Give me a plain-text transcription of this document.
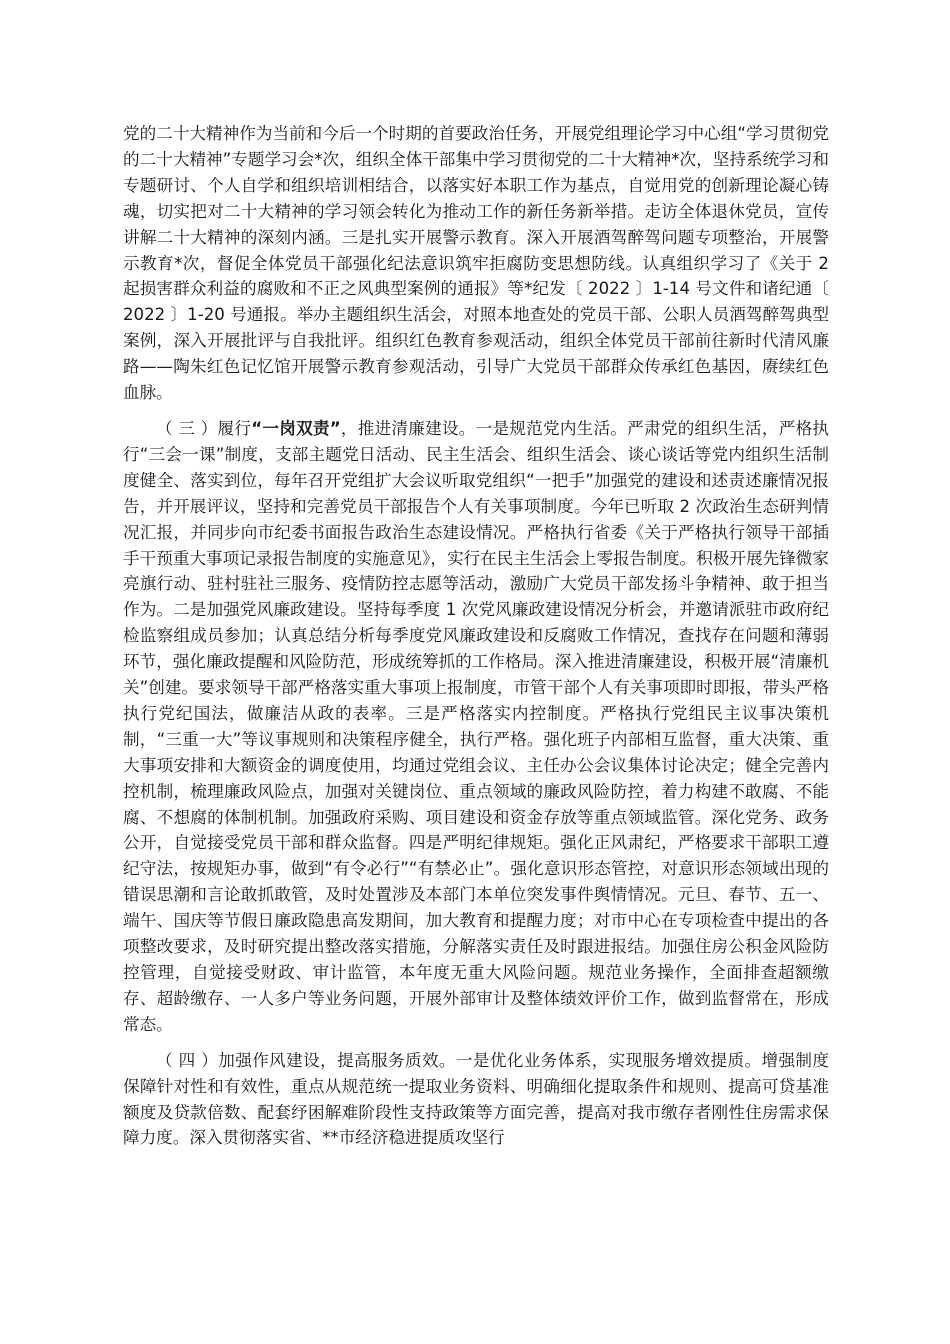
党的二十大精神作为当前和今后一个时期的首要政治任务，开展党组理论学习中心组“学习贯彻党的二十大精神”专题学习会*次，组织全体干部集中学习贯彻党的二十大精神*次，坚持系统学习和专题研讨、个人自学和组织培训相结合，以落实好本职工作为基点，自觉用党的创新理论凝心铸魂，切实把对二十大精神的学习领会转化为推动工作的新任务新举措。走访全体退休党员，宣传讲解二十大精神的深刻内涵。三是扎实开展警示教育。深入开展酒驾醉驾问题专项整治，开展警示教育*次，督促全体党员干部强化纪法意识筑牢拒腐防变思想防线。认真组织学习了《关于 2 起损害群众利益的腐败和不正之风典型案例的通报》等*纪发〔 2022 〕1-14 号文件和诸纪通〔 2022 〕1-20 号通报。举办主题组织生活会，对照本地查处的党员干部、公职人员酒驾醉驾典型案例，深入开展批评与自我批评。组织红色教育参观活动，组织全体党员干部前往新时代清风廉路——陶朱红色记忆馆开展警示教育参观活动，引导广大党员干部群众传承红色基因，赓续红色血脉。

（ 三 ）履行“一岗双责”，推进清廉建设。一是规范党内生活。严肃党的组织生活，严格执行“三会一课”制度，支部主题党日活动、民主生活会、组织生活会、谈心谈话等党内组织生活制度健全、落实到位，每年召开党组扩大会议听取党组织“一把手”加强党的建设和述责述廉情况报告，并开展评议，坚持和完善党员干部报告个人有关事项制度。今年已听取 2 次政治生态研判情况汇报，并同步向市纪委书面报告政治生态建设情况。严格执行省委《关于严格执行领导干部插手干预重大事项记录报告制度的实施意见》，实行在民主生活会上零报告制度。积极开展先锋微家亮旗行动、驻村驻社三服务、疫情防控志愿等活动，激励广大党员干部发扬斗争精神、敢于担当作为。二是加强党风廉政建设。坚持每季度 1 次党风廉政建设情况分析会，并邀请派驻市政府纪检监察组成员参加；认真总结分析每季度党风廉政建设和反腐败工作情况，查找存在问题和薄弱环节，强化廉政提醒和风险防范，形成统筹抓的工作格局。深入推进清廉建设，积极开展“清廉机关”创建。要求领导干部严格落实重大事项上报制度，市管干部个人有关事项即时即报，带头严格执行党纪国法，做廉洁从政的表率。三是严格落实内控制度。严格执行党组民主议事决策机制，“三重一大”等议事规则和决策程序健全，执行严格。强化班子内部相互监督，重大决策、重大事项安排和大额资金的调度使用，均通过党组会议、主任办公会议集体讨论决定；健全完善内控机制，梳理廉政风险点，加强对关键岗位、重点领域的廉政风险防控，着力构建不敢腐、不能腐、不想腐的体制机制。加强政府采购、项目建设和资金存放等重点领域监管。深化党务、政务公开，自觉接受党员干部和群众监督。四是严明纪律规矩。强化正风肃纪，严格要求干部职工遵纪守法，按规矩办事，做到“有令必行”“有禁必止”。强化意识形态管控，对意识形态领域出现的错误思潮和言论敢抓敢管，及时处置涉及本部门本单位突发事件舆情情况。元旦、春节、五一、端午、国庆等节假日廉政隐患高发期间，加大教育和提醒力度；对市中心在专项检查中提出的各项整改要求，及时研究提出整改落实措施，分解落实责任及时跟进报结。加强住房公积金风险防控管理，自觉接受财政、审计监管，本年度无重大风险问题。规范业务操作，全面排查超额缴存、超龄缴存、一人多户等业务问题，开展外部审计及整体绩效评价工作，做到监督常在，形成常态。

（ 四 ）加强作风建设，提高服务质效。一是优化业务体系，实现服务增效提质。增强制度保障针对性和有效性，重点从规范统一提取业务资料、明确细化提取条件和规则、提高可贷基准额度及贷款倍数、配套纾困解难阶段性支持政策等方面完善，提高对我市缴存者刚性住房需求保障力度。深入贯彻落实省、**市经济稳进提质攻坚行
